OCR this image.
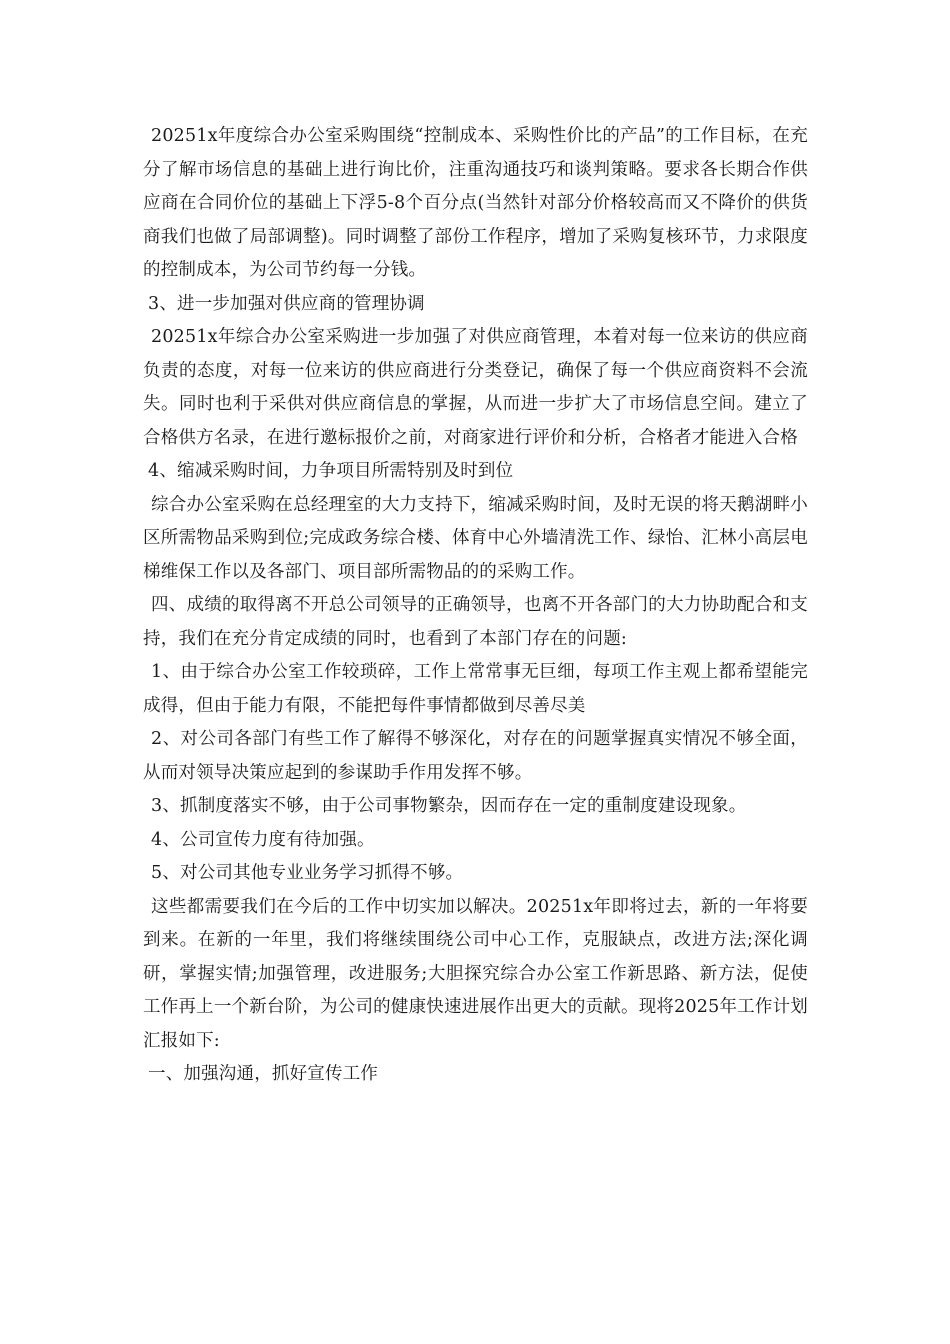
20251x年度综合办公室采购围绕“控制成本、采购性价比的产品”的工作目标，在充分了解市场信息的基础上进行询比价，注重沟通技巧和谈判策略。要求各长期合作供应商在合同价位的基础上下浮5-8个百分点(当然针对部分价格较高而又不降价的供货商我们也做了局部调整)。同时调整了部份工作程序，增加了采购复核环节，力求限度的控制成本，为公司节约每一分钱。

3、进一步加强对供应商的管理协调

20251x年综合办公室采购进一步加强了对供应商管理，本着对每一位来访的供应商负责的态度，对每一位来访的供应商进行分类登记，确保了每一个供应商资料不会流失。同时也利于采供对供应商信息的掌握，从而进一步扩大了市场信息空间。建立了合格供方名录，在进行邀标报价之前，对商家进行评价和分析，合格者才能进入合格

4、缩减采购时间，力争项目所需特别及时到位

综合办公室采购在总经理室的大力支持下，缩减采购时间，及时无误的将天鹅湖畔小区所需物品采购到位;完成政务综合楼、体育中心外墙清洗工作、绿怡、汇林小高层电梯维保工作以及各部门、项目部所需物品的的采购工作。

四、成绩的取得离不开总公司领导的正确领导，也离不开各部门的大力协助配合和支持，我们在充分肯定成绩的同时，也看到了本部门存在的问题:

1、由于综合办公室工作较琐碎，工作上常常事无巨细，每项工作主观上都希望能完成得，但由于能力有限，不能把每件事情都做到尽善尽美

2、对公司各部门有些工作了解得不够深化，对存在的问题掌握真实情况不够全面，从而对领导决策应起到的参谋助手作用发挥不够。

3、抓制度落实不够，由于公司事物繁杂，因而存在一定的重制度建设现象。

4、公司宣传力度有待加强。

5、对公司其他专业业务学习抓得不够。

这些都需要我们在今后的工作中切实加以解决。20251x年即将过去，新的一年将要到来。在新的一年里，我们将继续围绕公司中心工作，克服缺点，改进方法;深化调研，掌握实情;加强管理，改进服务;大胆探究综合办公室工作新思路、新方法，促使工作再上一个新台阶，为公司的健康快速进展作出更大的贡献。现将2025年工作计划汇报如下:

一、加强沟通，抓好宣传工作
